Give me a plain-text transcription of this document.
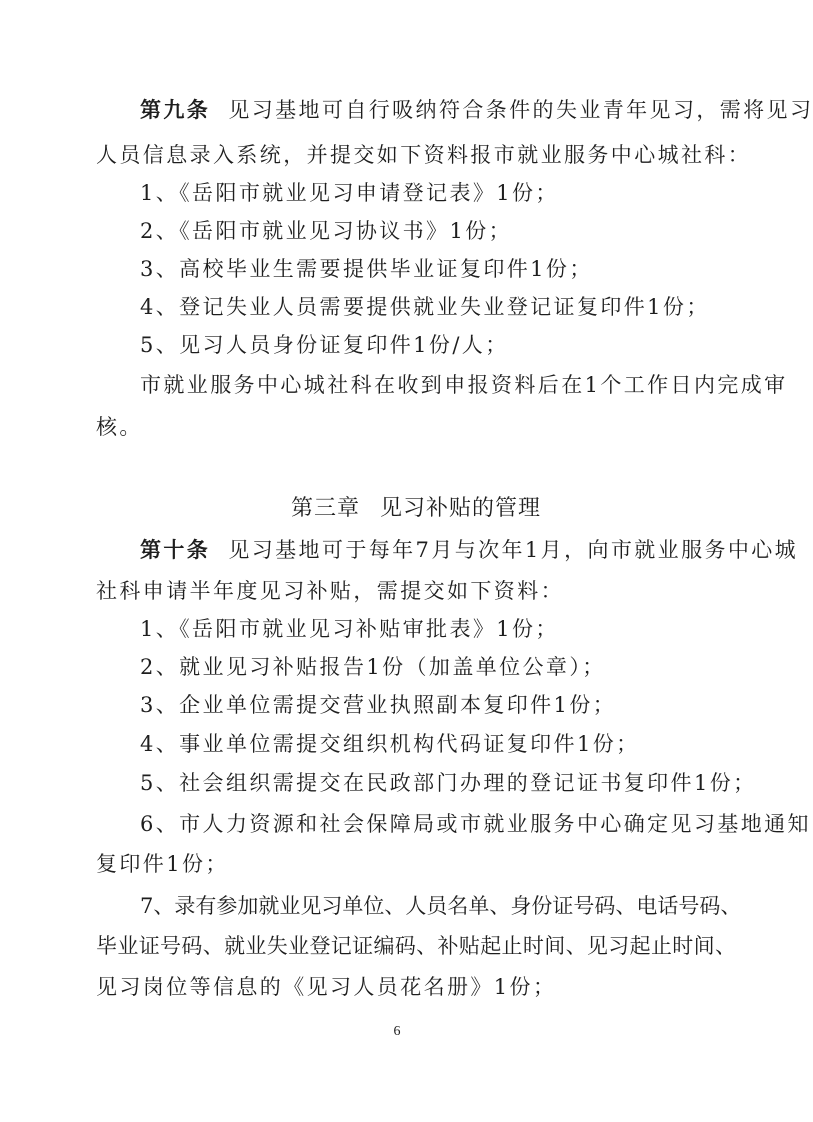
第九条 见习基地可自行吸纳符合条件的失业青年见习，需将见习
人员信息录入系统，并提交如下资料报市就业服务中心城社科：
1、《岳阳市就业见习申请登记表》1份；
2、《岳阳市就业见习协议书》1份；
3、高校毕业生需要提供毕业证复印件1份；
4、登记失业人员需要提供就业失业登记证复印件1份；
5、见习人员身份证复印件1份/人；
市就业服务中心城社科在收到申报资料后在1个工作日内完成审
核。
第三章 见习补贴的管理
第十条 见习基地可于每年7月与次年1月，向市就业服务中心城
社科申请半年度见习补贴，需提交如下资料：
1、《岳阳市就业见习补贴审批表》1份；
2、就业见习补贴报告1份（加盖单位公章）；
3、企业单位需提交营业执照副本复印件1份；
4、事业单位需提交组织机构代码证复印件1份；
5、社会组织需提交在民政部门办理的登记证书复印件1份；
6、市人力资源和社会保障局或市就业服务中心确定见习基地通知
复印件1份；
7、录有参加就业见习单位、人员名单、身份证号码、电话号码、
毕业证号码、就业失业登记证编码、补贴起止时间、见习起止时间、
见习岗位等信息的《见习人员花名册》1份；
6
